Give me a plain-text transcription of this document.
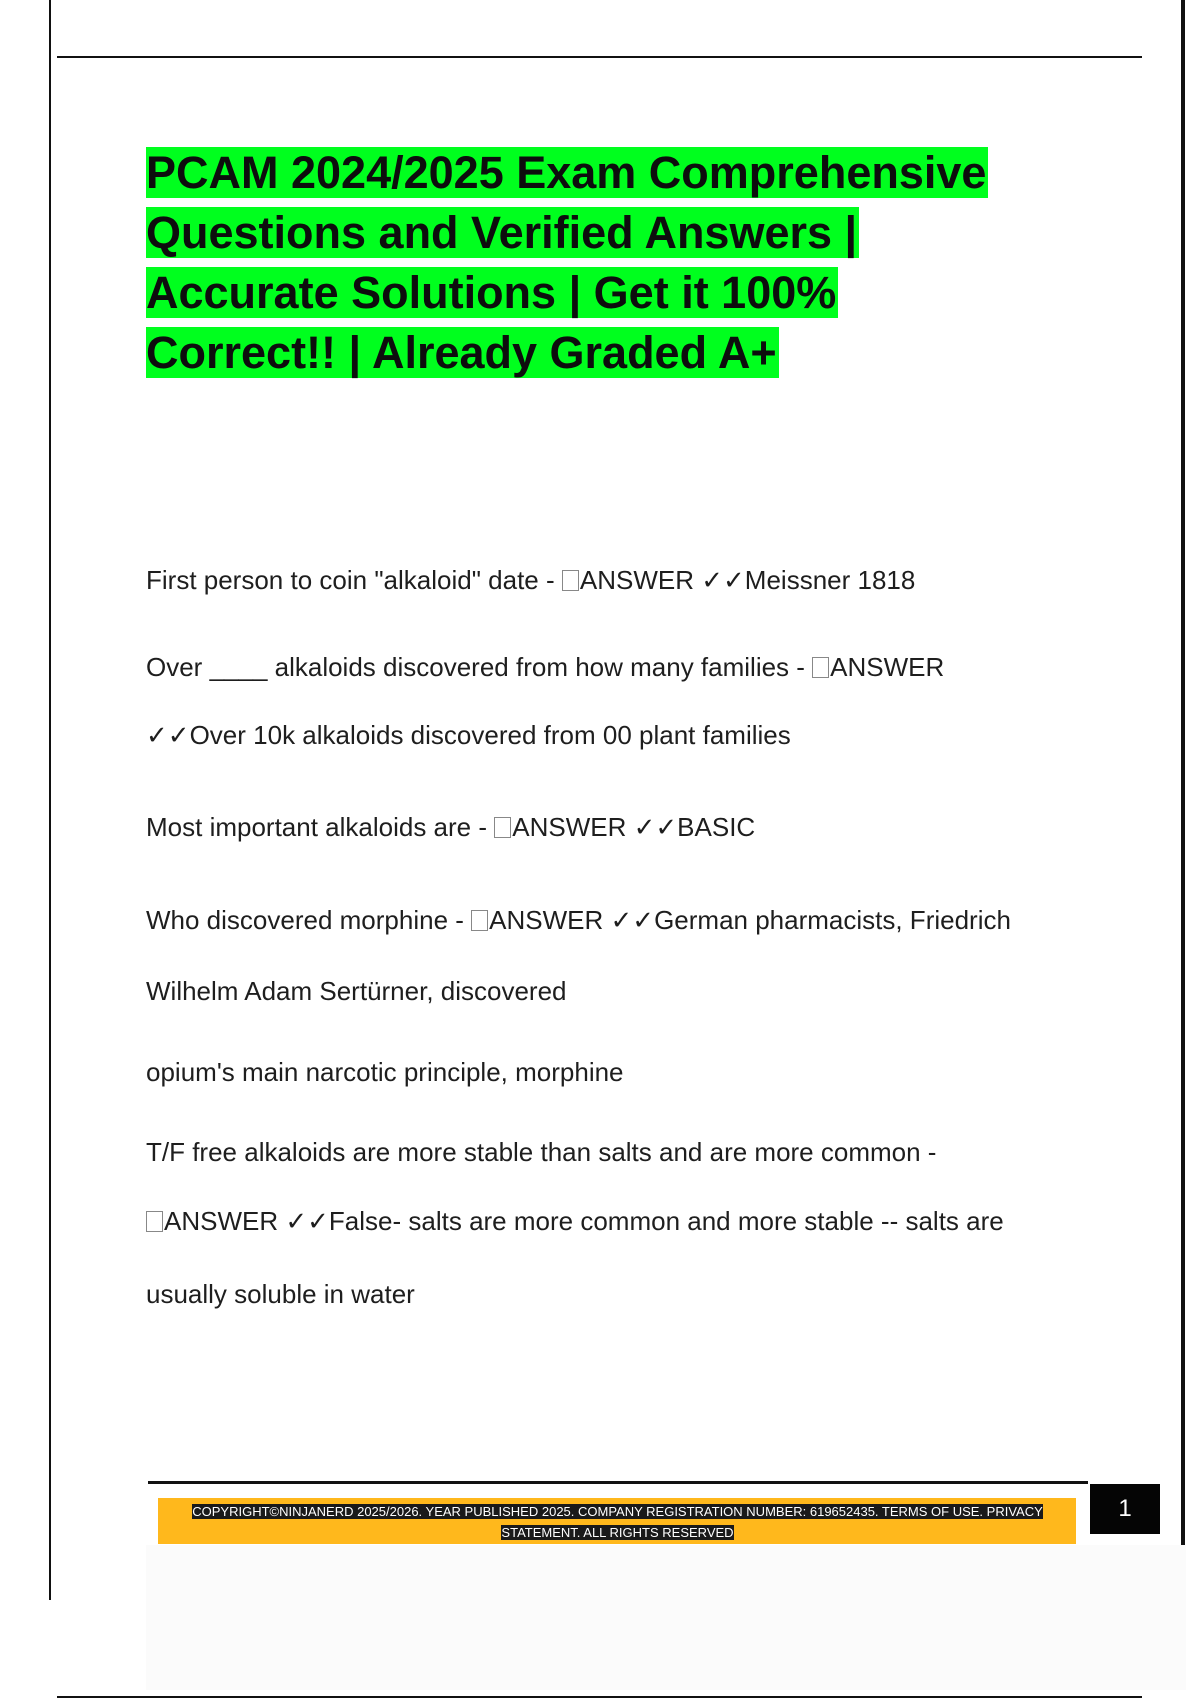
PCAM 2024/2025 Exam Comprehensive
Questions and Verified Answers |
Accurate Solutions | Get it 100%
Correct!! | Already Graded A+

First person to coin "alkaloid" date - ANSWER ✓✓Meissner 1818

Over ____ alkaloids discovered from how many families - ANSWER

✓✓Over 10k alkaloids discovered from 00 plant families

Most important alkaloids are - ANSWER ✓✓BASIC

Who discovered morphine - ANSWER ✓✓German pharmacists, Friedrich

Wilhelm Adam Sertürner, discovered

opium's main narcotic principle, morphine

T/F free alkaloids are more stable than salts and are more common -

ANSWER ✓✓False- salts are more common and more stable -- salts are

usually soluble in water

COPYRIGHT©NINJANERD 2025/2026. YEAR PUBLISHED 2025. COMPANY REGISTRATION NUMBER: 619652435. TERMS OF USE. PRIVACY
STATEMENT. ALL RIGHTS RESERVED
1
